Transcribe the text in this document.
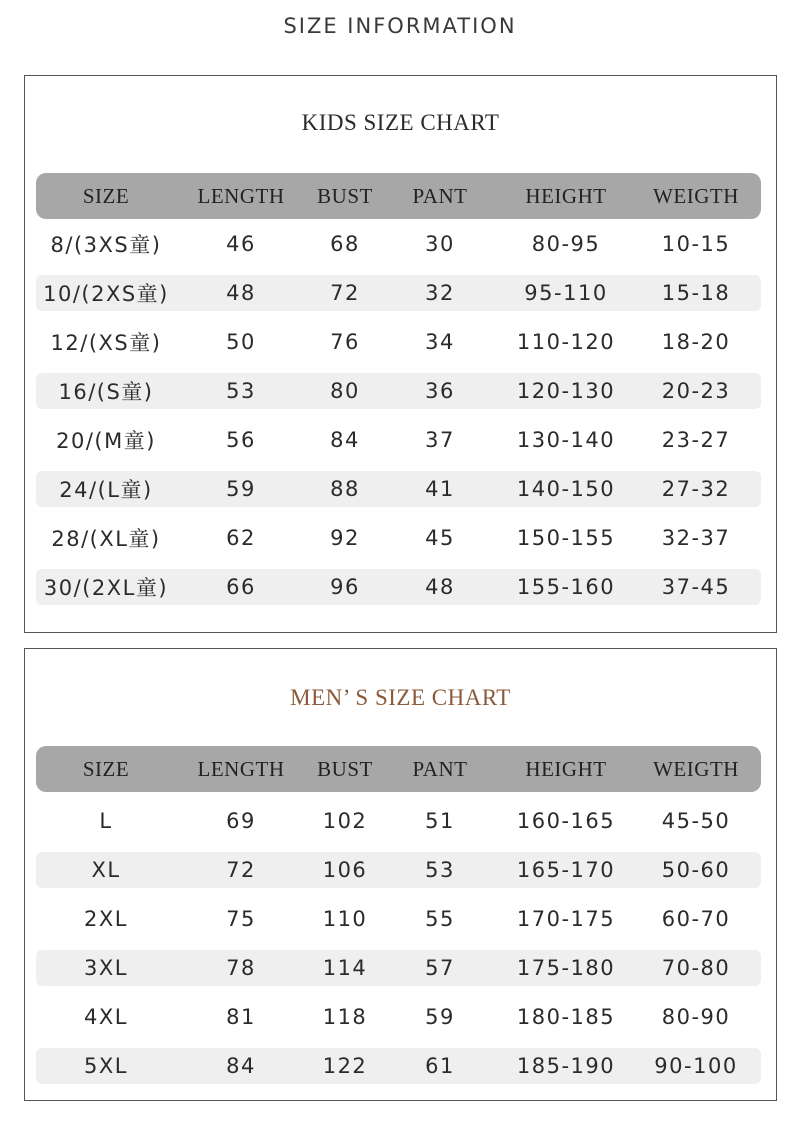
SIZE INFORMATION
KIDS SIZE CHART
SIZE	LENGTH	BUST	PANT	HEIGHT	WEIGTH
8/(3XS童)	46	68	30	80-95	10-15
10/(2XS童)	48	72	32	95-110	15-18
12/(XS童)	50	76	34	110-120	18-20
16/(S童)	53	80	36	120-130	20-23
20/(M童)	56	84	37	130-140	23-27
24/(L童)	59	88	41	140-150	27-32
28/(XL童)	62	92	45	150-155	32-37
30/(2XL童)	66	96	48	155-160	37-45
MEN’ S SIZE CHART
SIZE	LENGTH	BUST	PANT	HEIGHT	WEIGTH
L	69	102	51	160-165	45-50
XL	72	106	53	165-170	50-60
2XL	75	110	55	170-175	60-70
3XL	78	114	57	175-180	70-80
4XL	81	118	59	180-185	80-90
5XL	84	122	61	185-190	90-100
